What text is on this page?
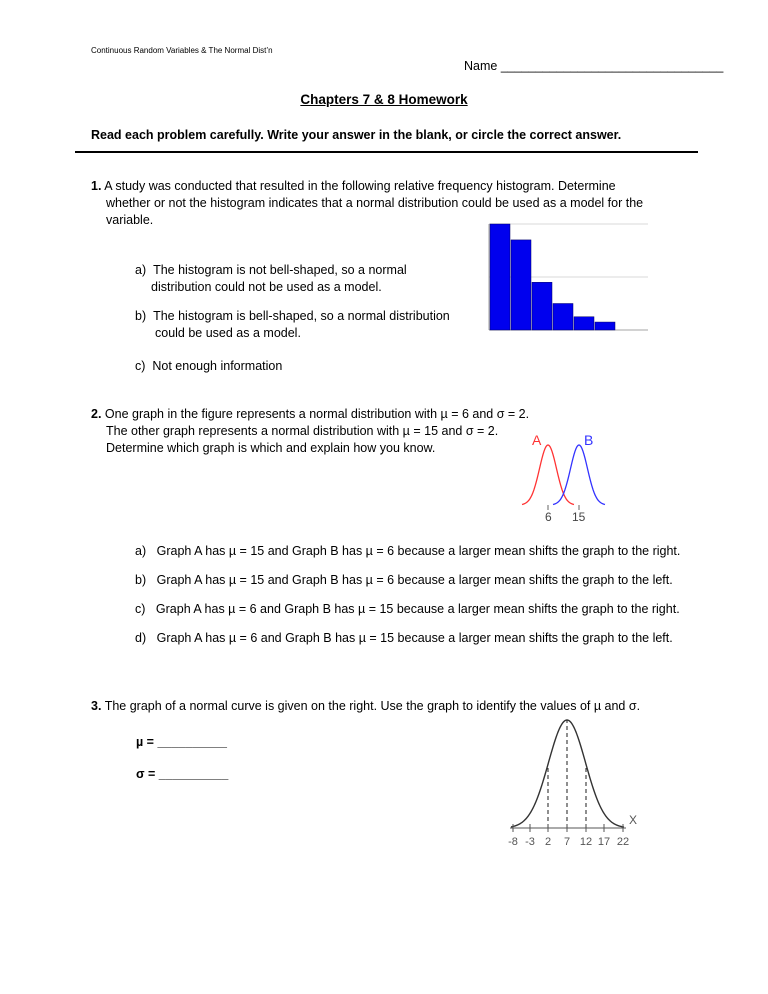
Continuous Random Variables & The Normal Dist’n
Name ________________________________
Chapters 7 & 8 Homework
Read each problem carefully. Write your answer in the blank, or circle the correct answer.
1. A study was conducted that resulted in the following relative frequency histogram. Determine
whether or not the histogram indicates that a normal distribution could be used as a model for the
variable.
a) The histogram is not bell-shaped, so a normal
distribution could not be used as a model.
b) The histogram is bell-shaped, so a normal distribution
could be used as a model.
c) Not enough information
2. One graph in the figure represents a normal distribution with µ = 6 and σ = 2.
The other graph represents a normal distribution with µ = 15 and σ = 2.
Determine which graph is which and explain how you know.	A	B
6 15
a) Graph A has µ = 15 and Graph B has µ = 6 because a larger mean shifts the graph to the right.
b) Graph A has µ = 15 and Graph B has µ = 6 because a larger mean shifts the graph to the left.
c) Graph A has µ = 6 and Graph B has µ = 15 because a larger mean shifts the graph to the right.
d) Graph A has µ = 6 and Graph B has µ = 15 because a larger mean shifts the graph to the left.
3. The graph of a normal curve is given on the right. Use the graph to identify the values of µ and σ.
µ = __________
σ = __________
-8 -3 2 7 12 17 22
X
